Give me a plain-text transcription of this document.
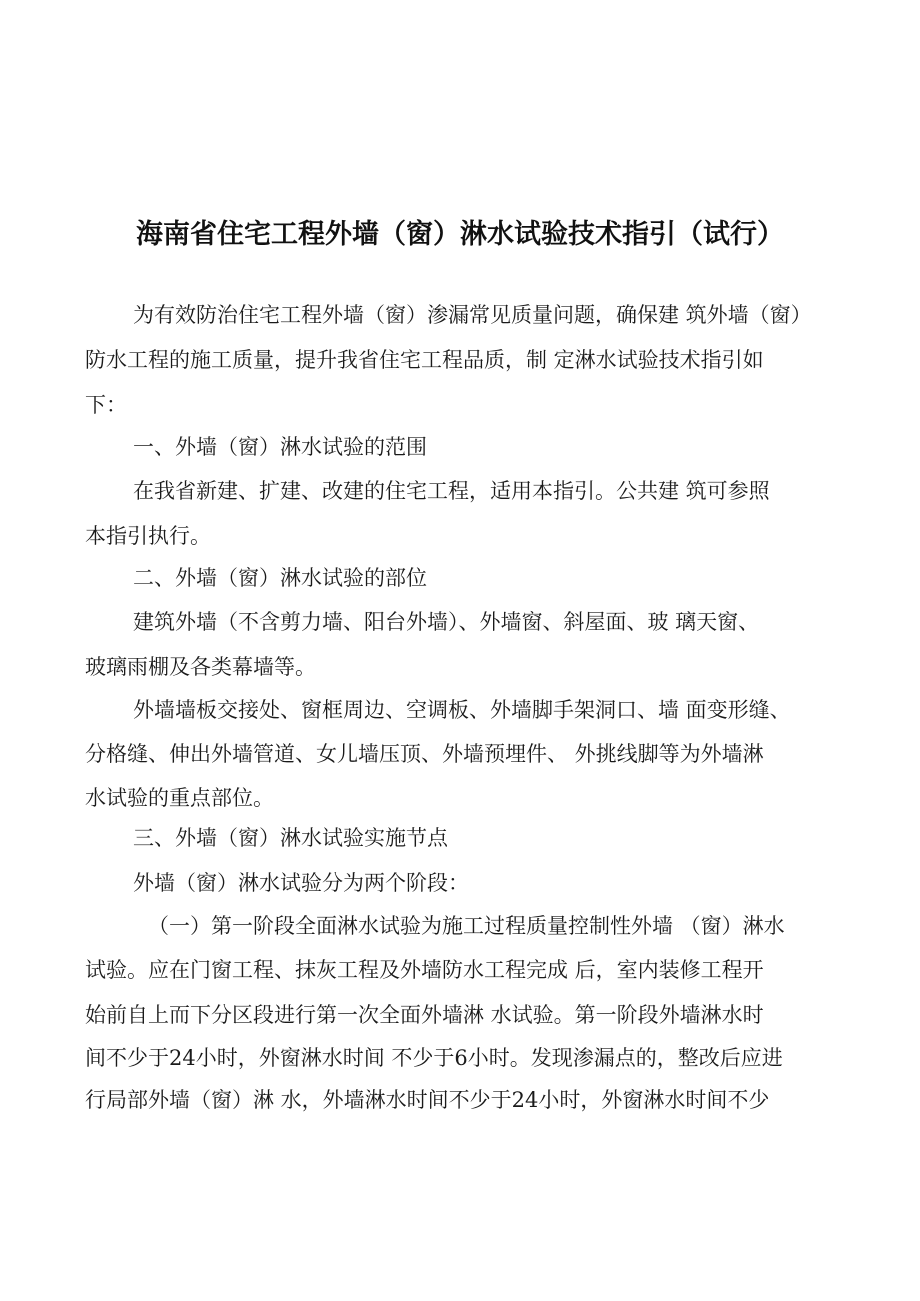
海南省住宅工程外墙（窗）淋水试验技术指引（试行）

为有效防治住宅工程外墙（窗）渗漏常见质量问题，确保建 筑外墙（窗）

防水工程的施工质量，提升我省住宅工程品质，制 定淋水试验技术指引如

下：

一、外墙（窗）淋水试验的范围

在我省新建、扩建、改建的住宅工程，适用本指引。公共建 筑可参照

本指引执行。

二、外墙（窗）淋水试验的部位

建筑外墙（不含剪力墙、阳台外墙）、外墙窗、斜屋面、玻 璃天窗、

玻璃雨棚及各类幕墙等。

外墙墙板交接处、窗框周边、空调板、外墙脚手架洞口、墙 面变形缝、

分格缝、伸出外墙管道、女儿墙压顶、外墙预埋件、 外挑线脚等为外墙淋

水试验的重点部位。

三、外墙（窗）淋水试验实施节点

外墙（窗）淋水试验分为两个阶段：

（一）第一阶段全面淋水试验为施工过程质量控制性外墙 （窗）淋水

试验。应在门窗工程、抹灰工程及外墙防水工程完成 后，室内装修工程开

始前自上而下分区段进行第一次全面外墙淋 水试验。第一阶段外墙淋水时

间不少于24小时，外窗淋水时间 不少于6小时。发现渗漏点的，整改后应进

行局部外墙（窗）淋 水，外墙淋水时间不少于24小时，外窗淋水时间不少
